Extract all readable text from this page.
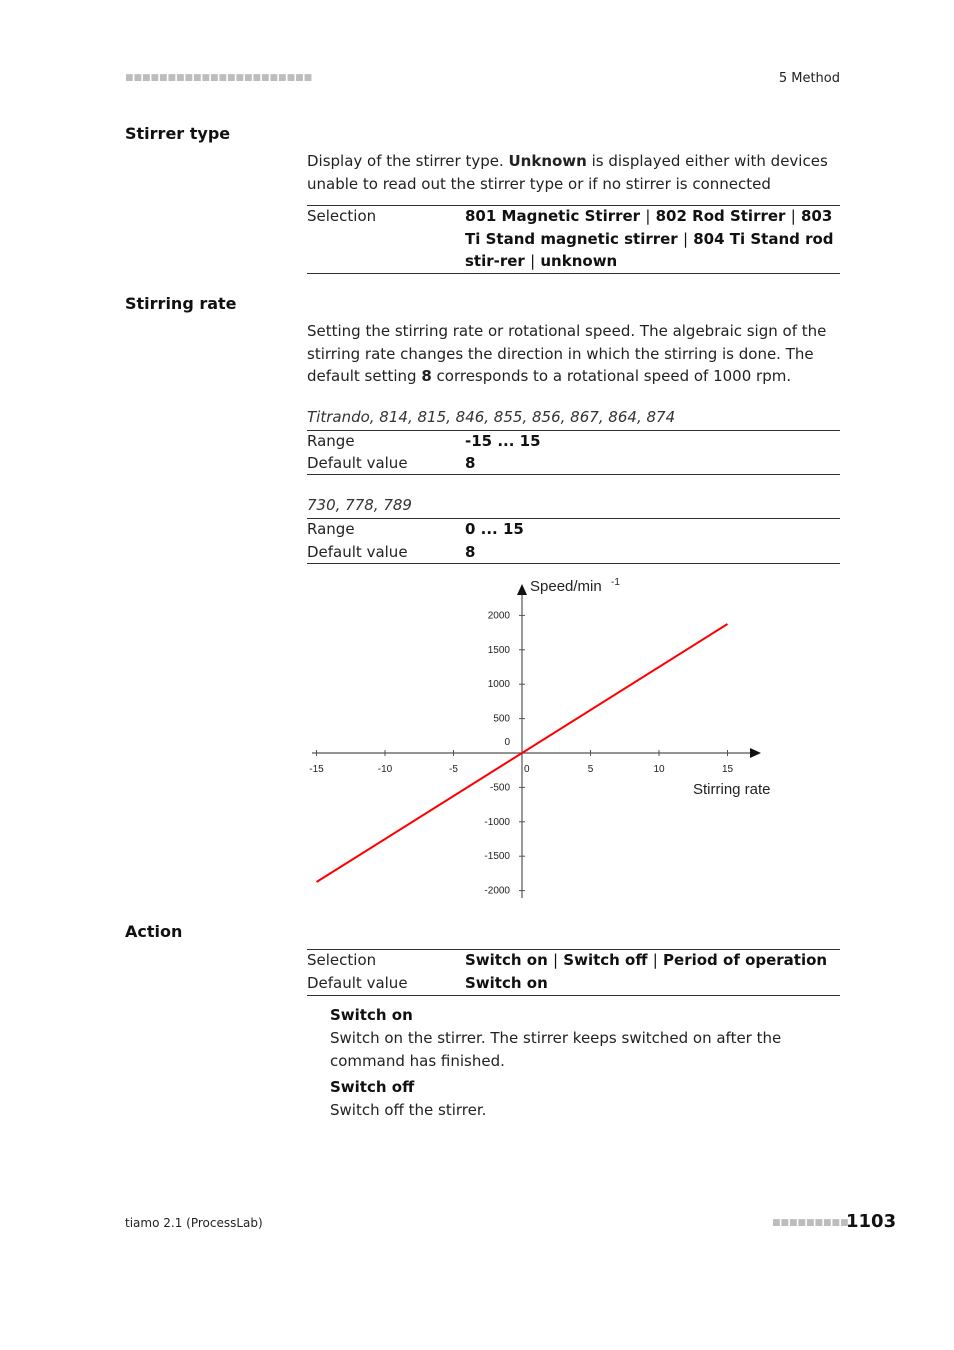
■■■■■■■■■■■■■■■■■■■■■■	5 Method
Stirrer type
Display of the stirrer type. Unknown is displayed either with devices unable to read out the stirrer type or if no stirrer is connected
Selection	801 Magnetic Stirrer | 802 Rod Stirrer | 803 Ti Stand magnetic stirrer | 804 Ti Stand rod stir-rer | unknown
Stirring rate
Setting the stirring rate or rotational speed. The algebraic sign of the stirring rate changes the direction in which the stirring is done. The default setting 8 corresponds to a rotational speed of 1000 rpm.
Titrando, 814, 815, 846, 855, 856, 867, 864, 874
Range	-15 ... 15
Default value	8
730, 778, 789
Range	0 ... 15
Default value	8
-15	-10	-5	0	5	10	15
2000
1500
1000
500
0
-500
-1000
-1500
-2000
Speed/min -1
Stirring rate
Action
Selection	Switch on | Switch off | Period of operation
Default value	Switch on
Switch on
Switch on the stirrer. The stirrer keeps switched on after the command has finished.
Switch off
Switch off the stirrer.
tiamo 2.1 (ProcessLab)	■■■■■■■■■
1103
